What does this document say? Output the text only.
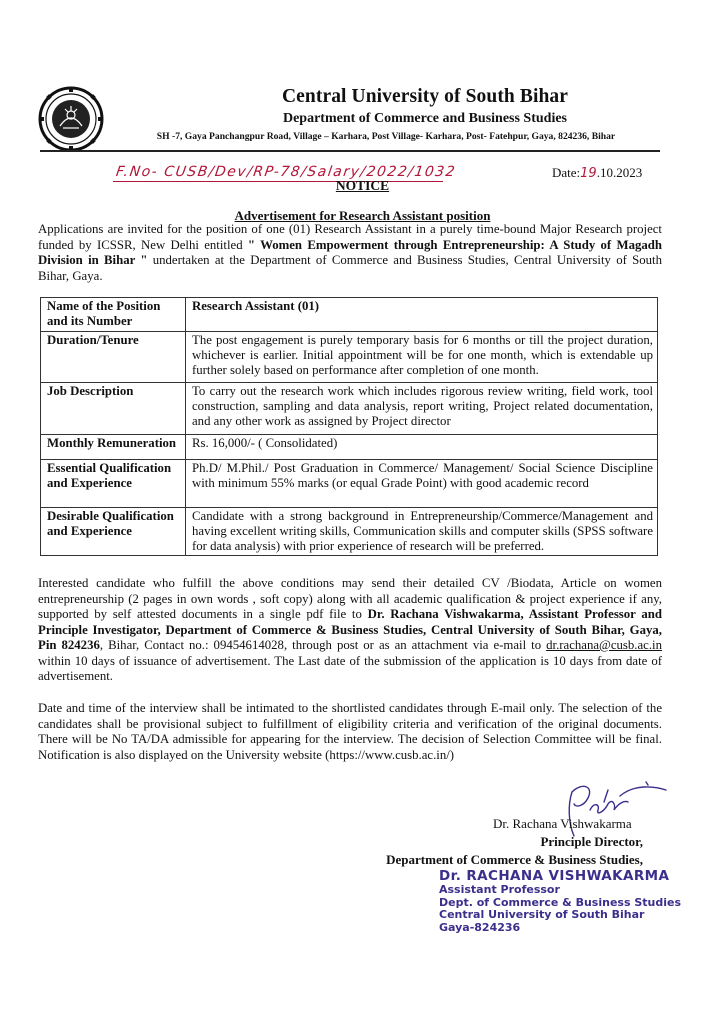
Central University of South Bihar
Department of Commerce and Business Studies
SH -7, Gaya Panchangpur Road, Village – Karhara, Post Village- Karhara, Post- Fatehpur, Gaya, 824236, Bihar
F.No- CUSB/Dev/RP-78/Salary/2022/1032	Date:19.10.2023
NOTICE
Advertisement for Research Assistant position
Applications are invited for the position of one (01) Research Assistant in a purely time-bound Major Research project funded by ICSSR, New Delhi entitled " Women Empowerment through Entrepreneurship: A Study of Magadh Division in Bihar " undertaken at the Department of Commerce and Business Studies, Central University of South Bihar, Gaya.
Name of the Position and its Number	Research Assistant (01)
Duration/Tenure	The post engagement is purely temporary basis for 6 months or till the project duration, whichever is earlier. Initial appointment will be for one month, which is extendable up further solely based on performance after completion of one month.
Job Description	To carry out the research work which includes rigorous review writing, field work, tool construction, sampling and data analysis, report writing, Project related documentation, and any other work as assigned by Project director
Monthly Remuneration	Rs. 16,000/- ( Consolidated)
Essential Qualification and Experience	Ph.D/ M.Phil./ Post Graduation in Commerce/ Management/ Social Science Discipline with minimum 55% marks (or equal Grade Point) with good academic record
Desirable Qualification and Experience	Candidate with a strong background in Entrepreneurship/Commerce/Management and having excellent writing skills, Communication skills and computer skills (SPSS software for data analysis) with prior experience of research will be preferred.
Interested candidate who fulfill the above conditions may send their detailed CV /Biodata, Article on women entrepreneurship (2 pages in own words , soft copy) along with all academic qualification & project experience if any, supported by self attested documents in a single pdf file to Dr. Rachana Vishwakarma, Assistant Professor and Principle Investigator, Department of Commerce & Business Studies, Central University of South Bihar, Gaya, Pin 824236, Bihar, Contact no.: 09454614028, through post or as an attachment via e-mail to dr.rachana@cusb.ac.in within 10 days of issuance of advertisement. The Last date of the submission of the application is 10 days from date of advertisement.
Date and time of the interview shall be intimated to the shortlisted candidates through E-mail only. The selection of the candidates shall be provisional subject to fulfillment of eligibility criteria and verification of the original documents. There will be No TA/DA admissible for appearing for the interview. The decision of Selection Committee will be final. Notification is also displayed on the University website (https://www.cusb.ac.in/)
Dr. Rachana Vishwakarma
Principle Director,
Department of Commerce & Business Studies,
Dr. RACHANA VISHWAKARMA
Assistant Professor
Dept. of Commerce & Business Studies
Central University of South Bihar
Gaya-824236
